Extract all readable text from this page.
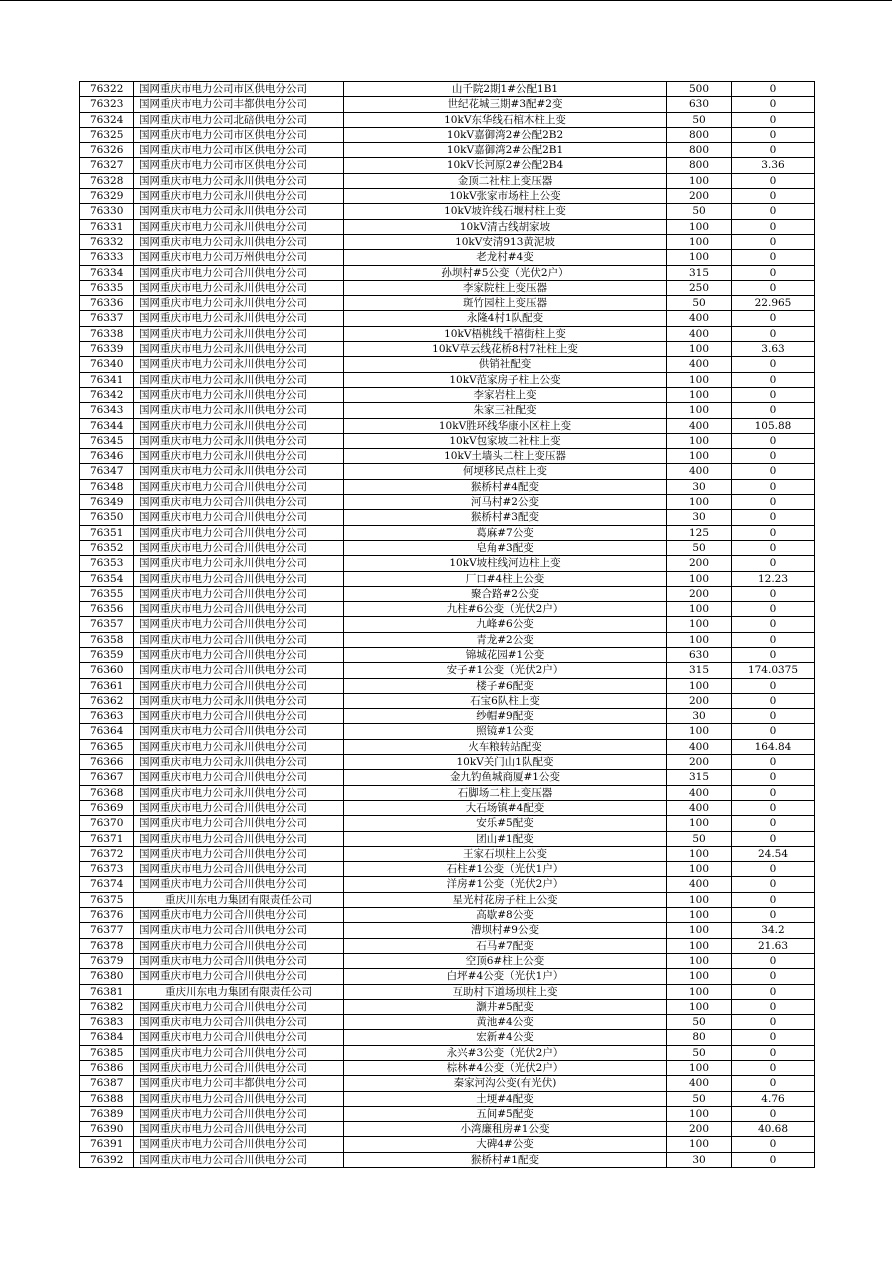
76322	国网重庆市电力公司市区供电分公司	山千院2期1#公配1B1	500	0
76323	国网重庆市电力公司丰都供电分公司	世纪花城三期#3配#2变	630	0
76324	国网重庆市电力公司北碚供电分公司	10kV东华线石棺木柱上变	50	0
76325	国网重庆市电力公司市区供电分公司	10kV嘉御湾2#公配2B2	800	0
76326	国网重庆市电力公司市区供电分公司	10kV嘉御湾2#公配2B1	800	0
76327	国网重庆市电力公司市区供电分公司	10kV长河原2#公配2B4	800	3.36
76328	国网重庆市电力公司永川供电分公司	金顶二社柱上变压器	100	0
76329	国网重庆市电力公司永川供电分公司	10kV张家市场柱上公变	200	0
76330	国网重庆市电力公司永川供电分公司	10kV坡许线石堰村柱上变	50	0
76331	国网重庆市电力公司永川供电分公司	10kV清古线胡家坡	100	0
76332	国网重庆市电力公司永川供电分公司	10kV安清913黄泥坡	100	0
76333	国网重庆市电力公司万州供电分公司	老龙村#4变	100	0
76334	国网重庆市电力公司合川供电分公司	孙坝村#5公变（光伏2户）	315	0
76335	国网重庆市电力公司永川供电分公司	李家院柱上变压器	250	0
76336	国网重庆市电力公司永川供电分公司	斑竹园柱上变压器	50	22.965
76337	国网重庆市电力公司永川供电分公司	永隆4村1队配变	400	0
76338	国网重庆市电力公司永川供电分公司	10kV梧桃线千禧街柱上变	400	0
76339	国网重庆市电力公司永川供电分公司	10kV草云线花桥8村7社柱上变	100	3.63
76340	国网重庆市电力公司永川供电分公司	供销社配变	400	0
76341	国网重庆市电力公司永川供电分公司	10kV范家房子柱上公变	100	0
76342	国网重庆市电力公司永川供电分公司	李家岩柱上变	100	0
76343	国网重庆市电力公司永川供电分公司	朱家三社配变	100	0
76344	国网重庆市电力公司永川供电分公司	10kV胜环线华康小区柱上变	400	105.88
76345	国网重庆市电力公司永川供电分公司	10kV包家坡二社柱上变	100	0
76346	国网重庆市电力公司永川供电分公司	10kV土墙头二柱上变压器	100	0
76347	国网重庆市电力公司永川供电分公司	何埂移民点柱上变	400	0
76348	国网重庆市电力公司合川供电分公司	猴桥村#4配变	30	0
76349	国网重庆市电力公司合川供电分公司	河马村#2公变	100	0
76350	国网重庆市电力公司合川供电分公司	猴桥村#3配变	30	0
76351	国网重庆市电力公司合川供电分公司	葛麻#7公变	125	0
76352	国网重庆市电力公司合川供电分公司	皂角#3配变	50	0
76353	国网重庆市电力公司永川供电分公司	10kV坡柱线河边柱上变	200	0
76354	国网重庆市电力公司合川供电分公司	厂口#4柱上公变	100	12.23
76355	国网重庆市电力公司合川供电分公司	聚合路#2公变	200	0
76356	国网重庆市电力公司合川供电分公司	九柱#6公变（光伏2户）	100	0
76357	国网重庆市电力公司合川供电分公司	九峰#6公变	100	0
76358	国网重庆市电力公司合川供电分公司	青龙#2公变	100	0
76359	国网重庆市电力公司合川供电分公司	锦城花园#1公变	630	0
76360	国网重庆市电力公司合川供电分公司	安子#1公变（光伏2户）	315	174.0375
76361	国网重庆市电力公司合川供电分公司	楼子#6配变	100	0
76362	国网重庆市电力公司永川供电分公司	石宝6队柱上变	200	0
76363	国网重庆市电力公司合川供电分公司	纱帽#9配变	30	0
76364	国网重庆市电力公司合川供电分公司	照镜#1公变	100	0
76365	国网重庆市电力公司永川供电分公司	火车粮转站配变	400	164.84
76366	国网重庆市电力公司永川供电分公司	10kV关门山1队配变	200	0
76367	国网重庆市电力公司合川供电分公司	金九钓鱼城商厦#1公变	315	0
76368	国网重庆市电力公司永川供电分公司	石脚场二柱上变压器	400	0
76369	国网重庆市电力公司合川供电分公司	大石场镇#4配变	400	0
76370	国网重庆市电力公司合川供电分公司	安乐#5配变	100	0
76371	国网重庆市电力公司合川供电分公司	团山#1配变	50	0
76372	国网重庆市电力公司合川供电分公司	王家石坝柱上公变	100	24.54
76373	国网重庆市电力公司合川供电分公司	石柱#1公变（光伏1户）	100	0
76374	国网重庆市电力公司合川供电分公司	洋房#1公变（光伏2户）	400	0
76375	重庆川东电力集团有限责任公司	星光村花房子柱上公变	100	0
76376	国网重庆市电力公司合川供电分公司	高歇#8公变	100	0
76377	国网重庆市电力公司合川供电分公司	漕坝村#9公变	100	34.2
76378	国网重庆市电力公司合川供电分公司	石马#7配变	100	21.63
76379	国网重庆市电力公司合川供电分公司	空顶6#柱上公变	100	0
76380	国网重庆市电力公司合川供电分公司	白坪#4公变（光伏1户）	100	0
76381	重庆川东电力集团有限责任公司	互助村下道场坝柱上变	100	0
76382	国网重庆市电力公司合川供电分公司	灏井#5配变	100	0
76383	国网重庆市电力公司合川供电分公司	黄池#4公变	50	0
76384	国网重庆市电力公司合川供电分公司	宏新#4公变	80	0
76385	国网重庆市电力公司合川供电分公司	永兴#3公变（光伏2户）	50	0
76386	国网重庆市电力公司合川供电分公司	棕林#4公变（光伏2户）	100	0
76387	国网重庆市电力公司丰都供电分公司	秦家河沟公变(有光伏)	400	0
76388	国网重庆市电力公司合川供电分公司	土埂#4配变	50	4.76
76389	国网重庆市电力公司合川供电分公司	五间#5配变	100	0
76390	国网重庆市电力公司合川供电分公司	小湾廉租房#1公变	200	40.68
76391	国网重庆市电力公司合川供电分公司	大碑4#公变	100	0
76392	国网重庆市电力公司合川供电分公司	猴桥村#1配变	30	0
